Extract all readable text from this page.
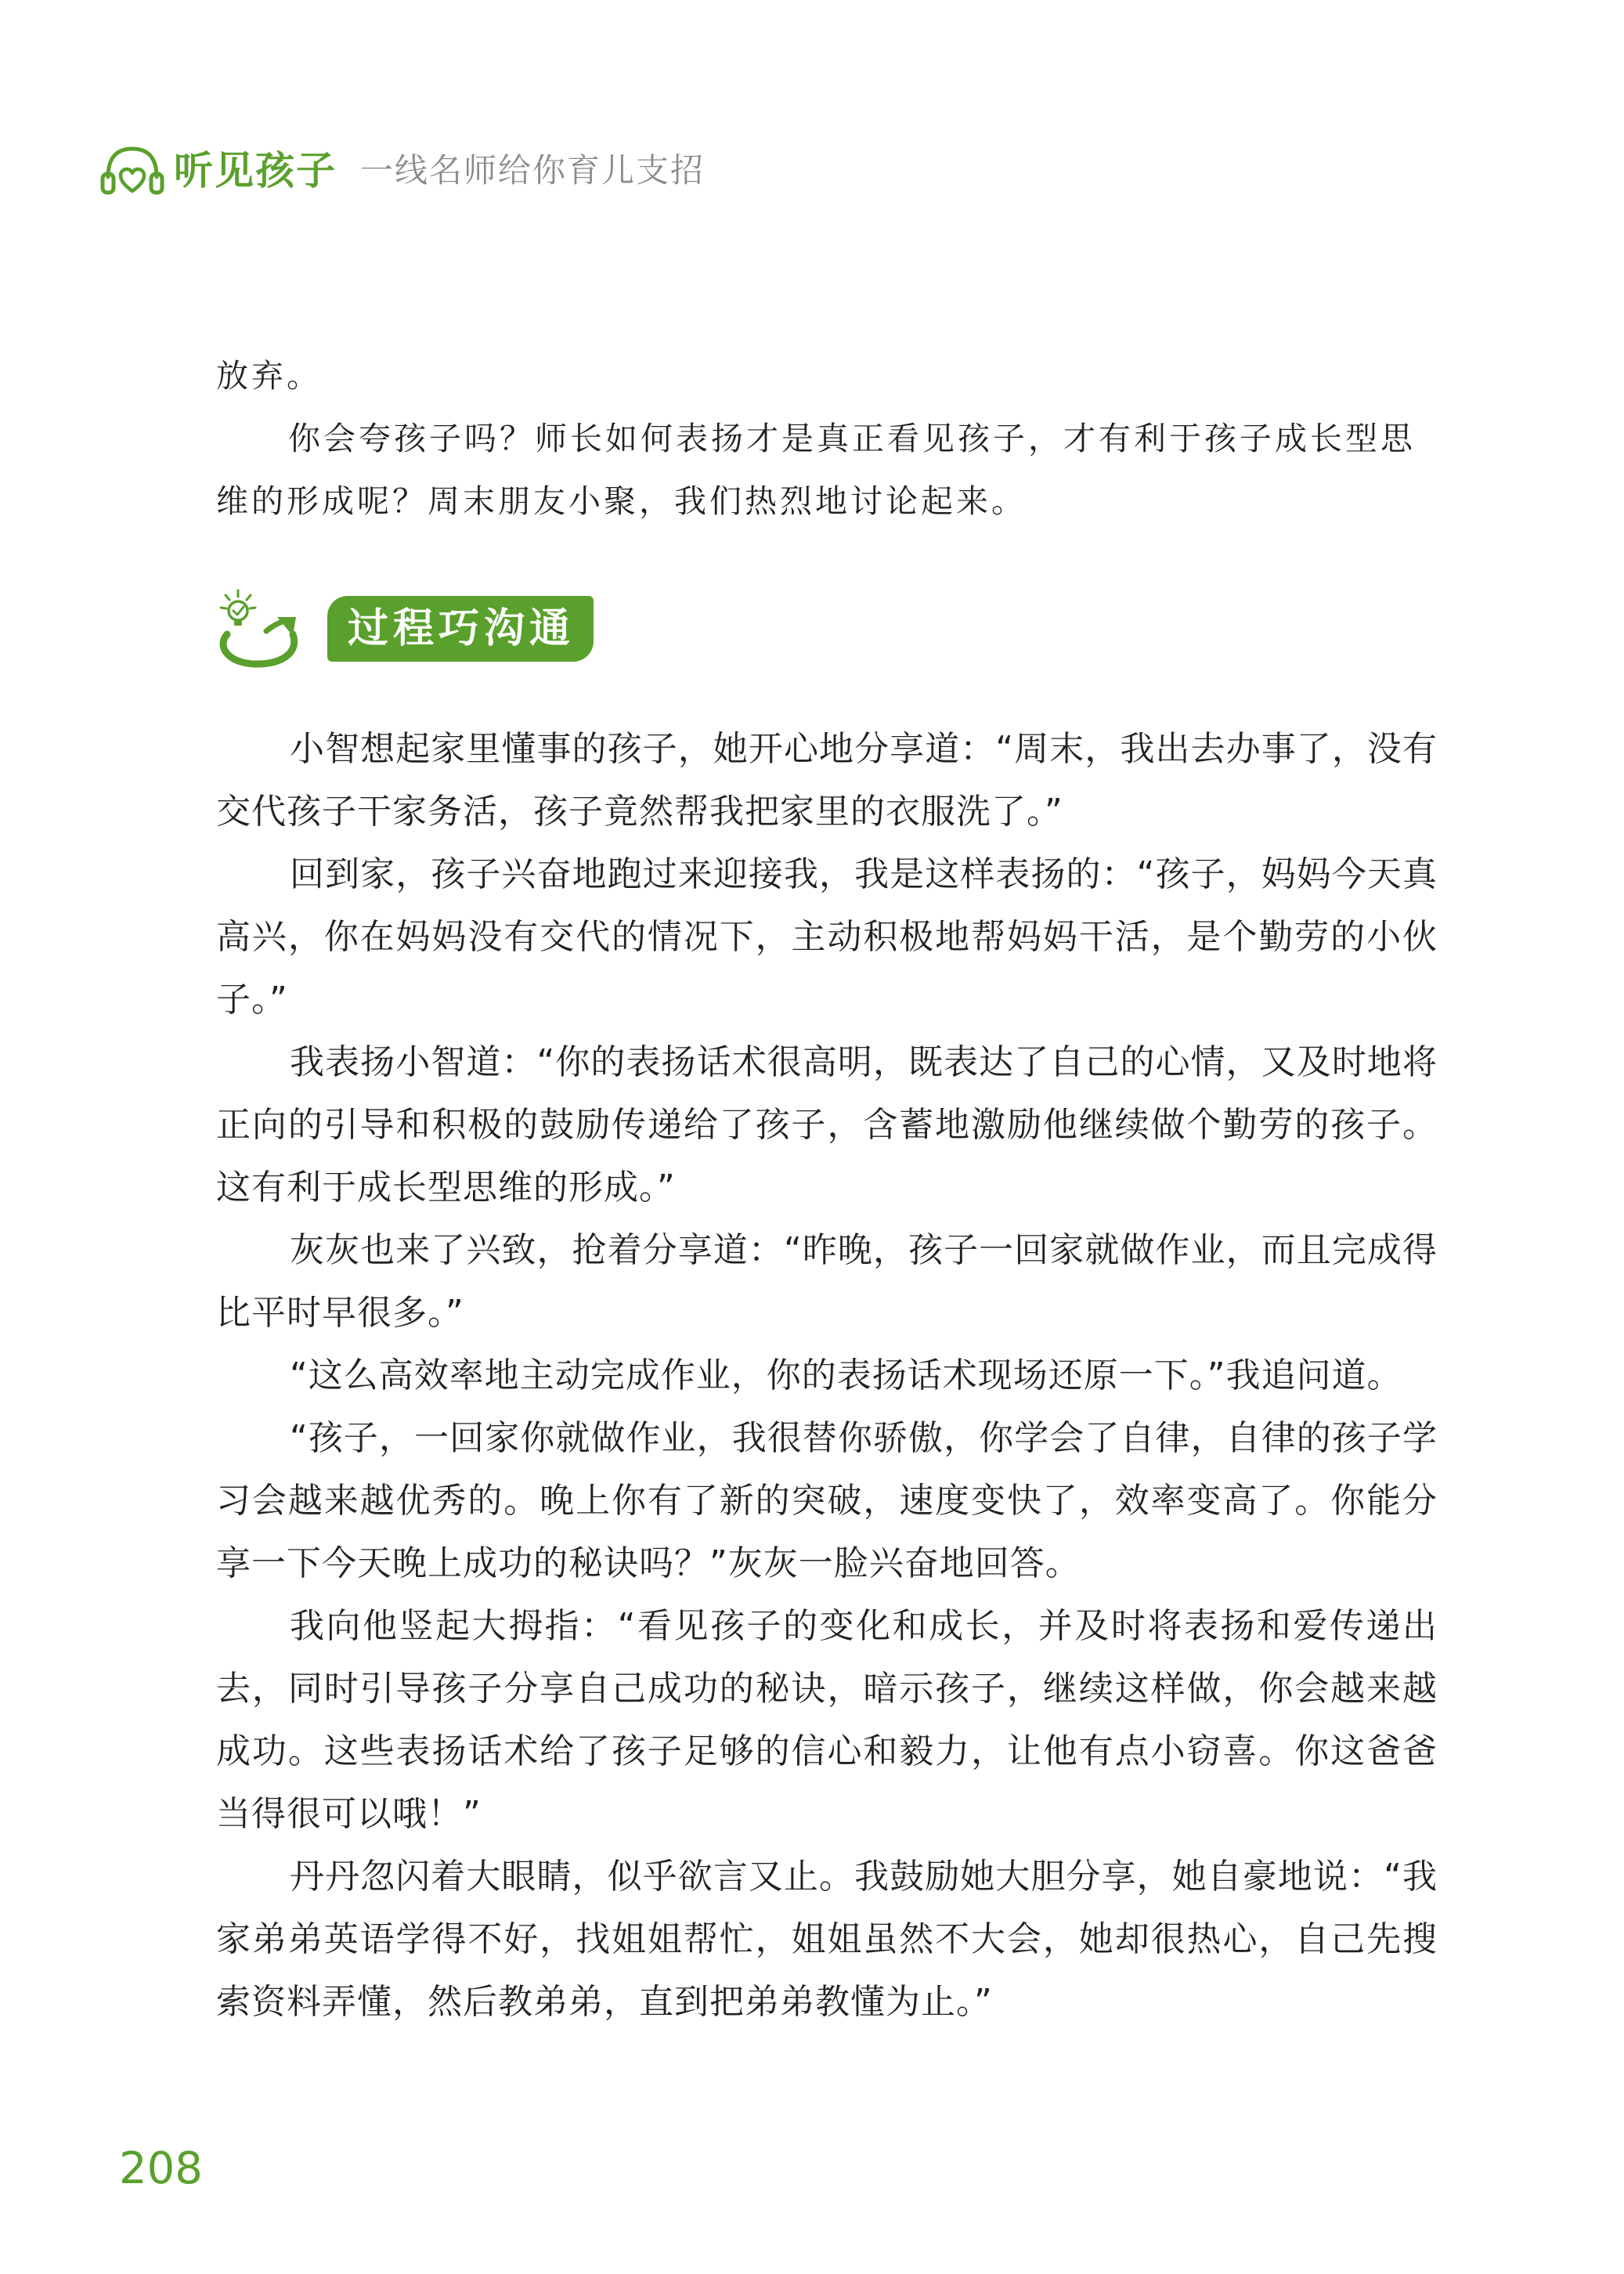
听见孩子 一线名师给你育儿支招

放弃。

你会夸孩子吗？师长如何表扬才是真正看见孩子，才有利于孩子成长型思维的形成呢？周末朋友小聚，我们热烈地讨论起来。

过程巧沟通

小智想起家里懂事的孩子，她开心地分享道：“周末，我出去办事了，没有交代孩子干家务活，孩子竟然帮我把家里的衣服洗了。”

回到家，孩子兴奋地跑过来迎接我，我是这样表扬的：“孩子，妈妈今天真高兴，你在妈妈没有交代的情况下，主动积极地帮妈妈干活，是个勤劳的小伙子。”

我表扬小智道：“你的表扬话术很高明，既表达了自己的心情，又及时地将正向的引导和积极的鼓励传递给了孩子，含蓄地激励他继续做个勤劳的孩子。这有利于成长型思维的形成。”

灰灰也来了兴致，抢着分享道：“昨晚，孩子一回家就做作业，而且完成得比平时早很多。”

“这么高效率地主动完成作业，你的表扬话术现场还原一下。”我追问道。

“孩子，一回家你就做作业，我很替你骄傲，你学会了自律，自律的孩子学习会越来越优秀的。晚上你有了新的突破，速度变快了，效率变高了。你能分享一下今天晚上成功的秘诀吗？”灰灰一脸兴奋地回答。

我向他竖起大拇指：“看见孩子的变化和成长，并及时将表扬和爱传递出去，同时引导孩子分享自己成功的秘诀，暗示孩子，继续这样做，你会越来越成功。这些表扬话术给了孩子足够的信心和毅力，让他有点小窃喜。你这爸爸当得很可以哦！”

丹丹忽闪着大眼睛，似乎欲言又止。我鼓励她大胆分享，她自豪地说：“我家弟弟英语学得不好，找姐姐帮忙，姐姐虽然不大会，她却很热心，自己先搜索资料弄懂，然后教弟弟，直到把弟弟教懂为止。”

208
